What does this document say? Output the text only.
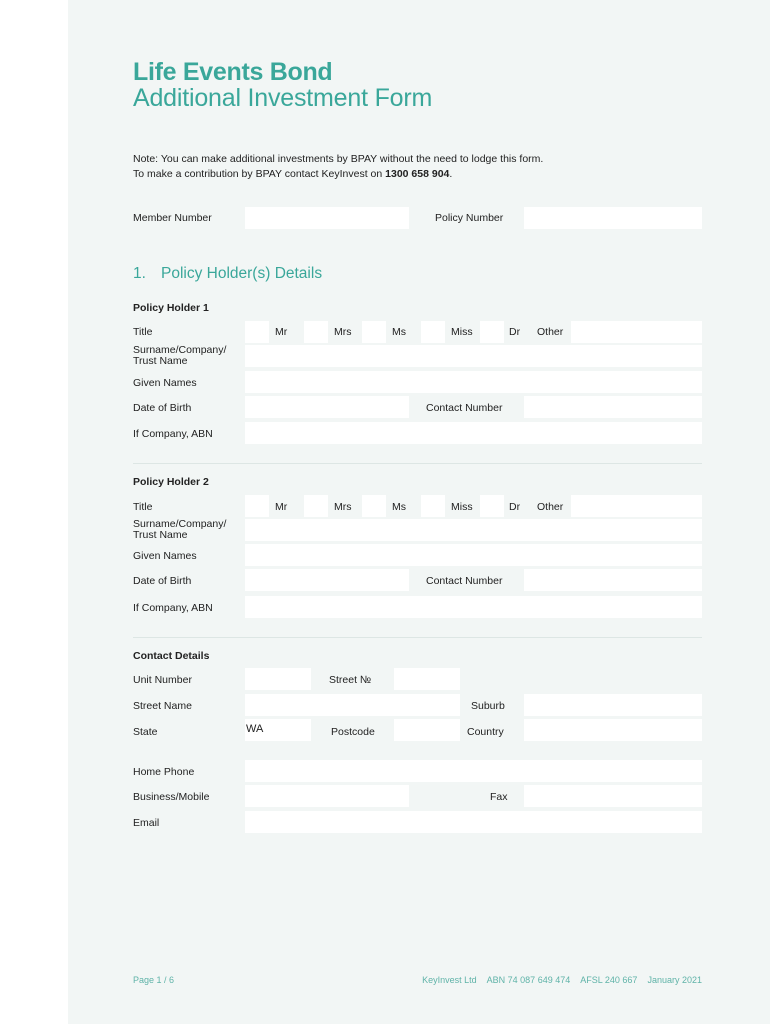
Life Events Bond
Additional Investment Form
Note: You can make additional investments by BPAY without the need to lodge this form.
To make a contribution by BPAY contact KeyInvest on 1300 658 904.
Member Number	Policy Number
1. Policy Holder(s) Details
Policy Holder 1
Title	Mr	Mrs	Ms	Miss	Dr Other
Surname/Company/
Trust Name
Given Names
Date of Birth	Contact Number
If Company, ABN
Policy Holder 2
Title	Mr	Mrs	Ms	Miss	Dr Other
Surname/Company/
Trust Name
Given Names
Date of Birth	Contact Number
If Company, ABN
Contact Details
Unit Number	Street №
Street Name	Suburb
State	WA	Postcode	Country
Home Phone
Business/Mobile	Fax
Email
Page 1 / 6	KeyInvest Ltd ABN 74 087 649 474 AFSL 240 667 January 2021
